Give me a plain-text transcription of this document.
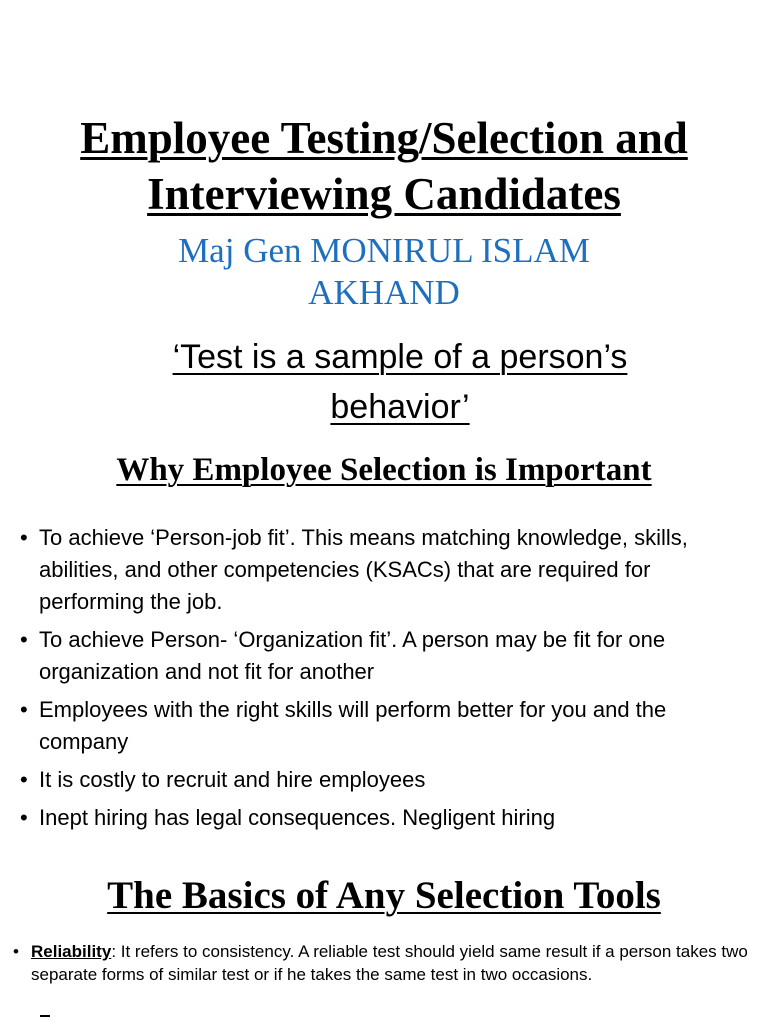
Employee Testing/Selection and Interviewing Candidates

Maj Gen MONIRUL ISLAM AKHAND

‘Test is a sample of a person’s behavior’

Why Employee Selection is Important
• To achieve ‘Person-job fit’. This means matching knowledge, skills, abilities, and other competencies (KSACs) that are required for performing the job.
• To achieve Person- ‘Organization fit’. A person may be fit for one organization and not fit for another
• Employees with the right skills will perform better for you and the company
• It is costly to recruit and hire employees
• Inept hiring has legal consequences. Negligent hiring
The Basics of Any Selection Tools
• Reliability: It refers to consistency. A reliable test should yield same result if a person takes two separate forms of similar test or if he takes the same test in two occasions.
